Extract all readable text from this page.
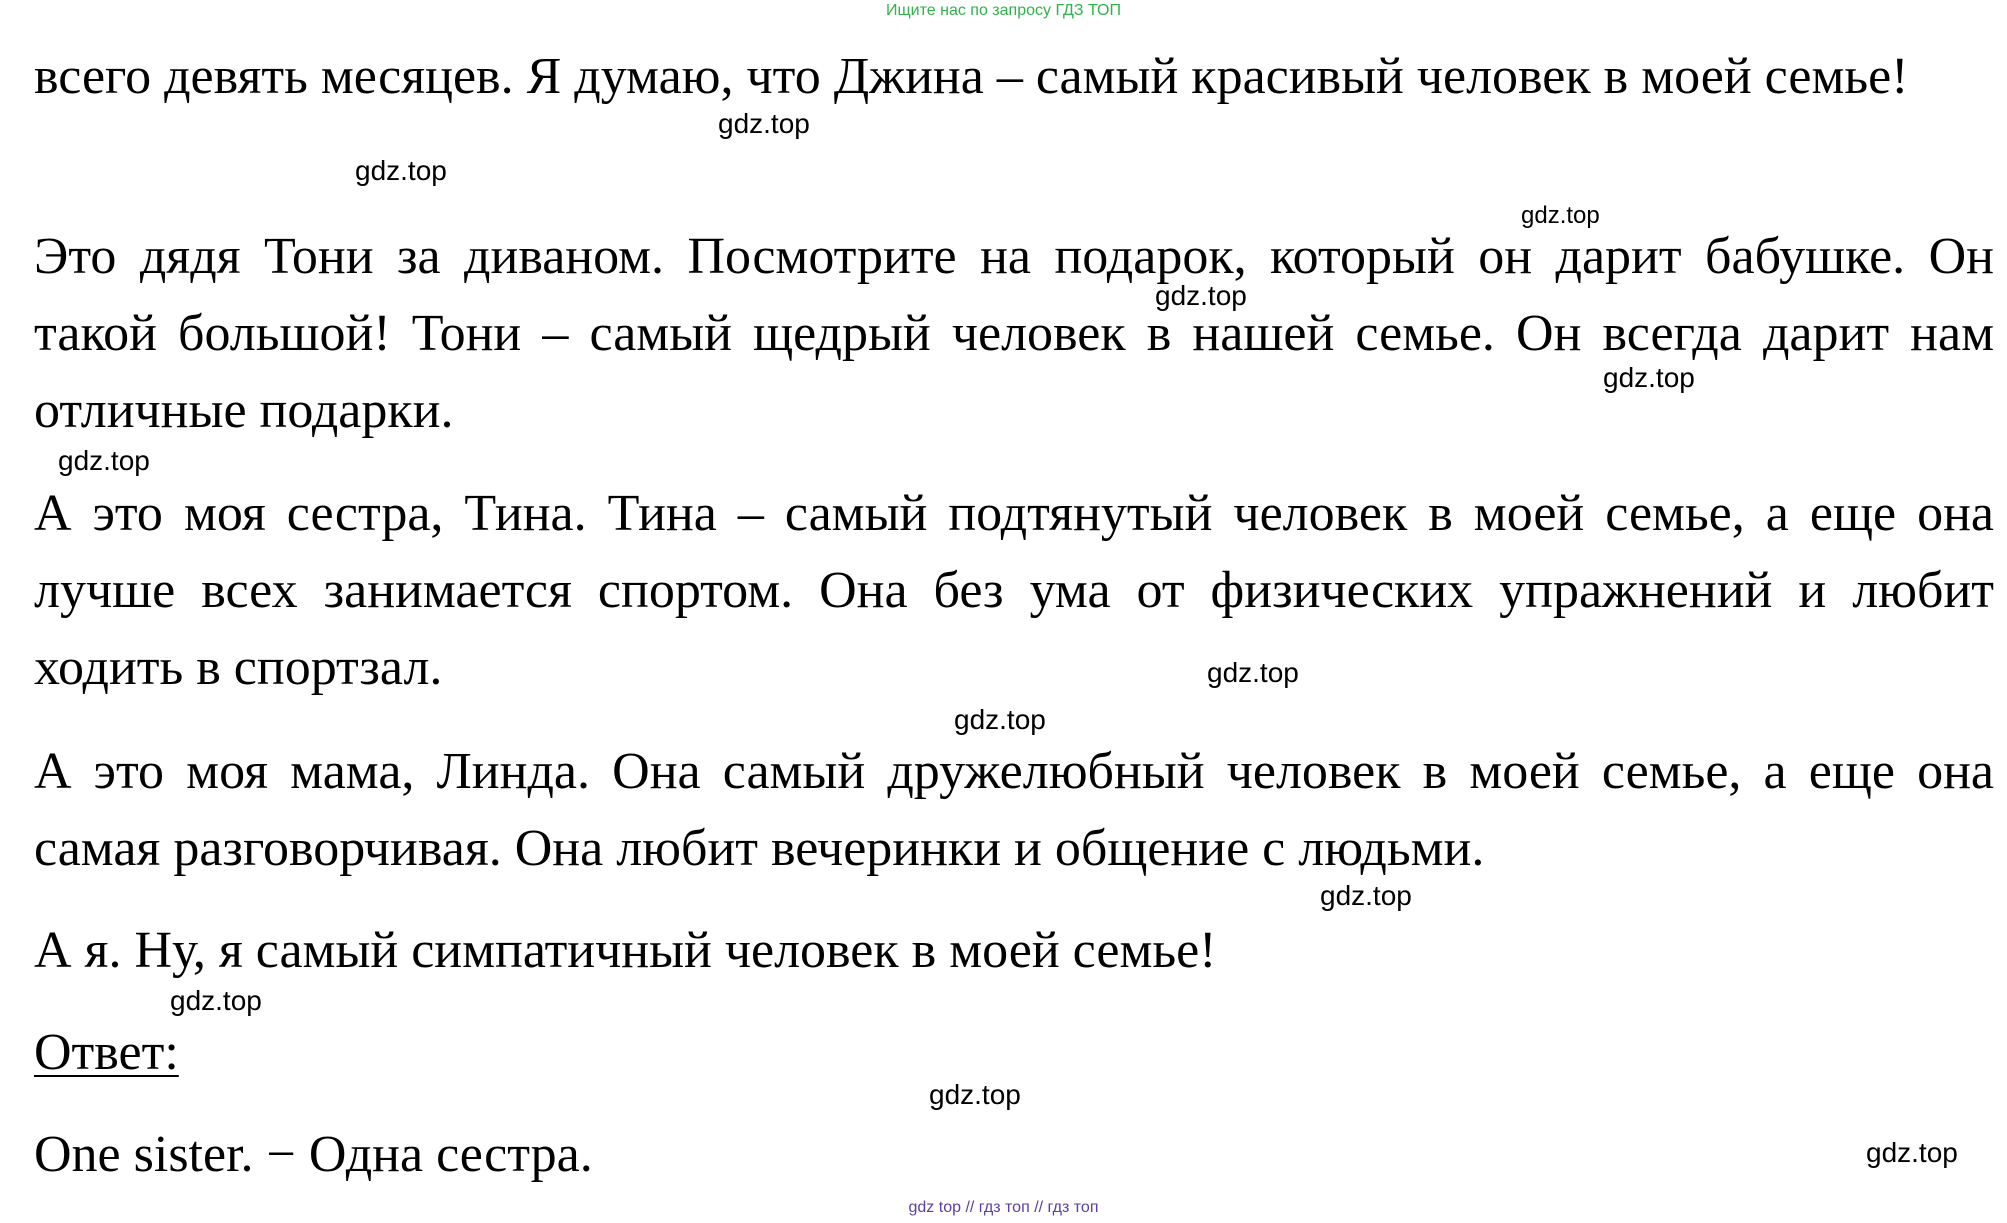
Ищите нас по запросу ГДЗ ТОП

всего девять месяцев. Я думаю, что Джина – самый красивый человек в моей семье!

Это дядя Тони за диваном. Посмотрите на подарок, который он дарит бабушке. Он такой большой! Тони – самый щедрый человек в нашей семье. Он всегда дарит нам отличные подарки.

А это моя сестра, Тина. Тина – самый подтянутый человек в моей семье, а еще она лучше всех занимается спортом. Она без ума от физических упражнений и любит ходить в спортзал.

А это моя мама, Линда. Она самый дружелюбный человек в моей семье, а еще она самая разговорчивая. Она любит вечеринки и общение с людьми.

А я. Ну, я самый симпатичный человек в моей семье!

Ответ:

One sister. − Одна сестра.

gdz.top
gdz.top
gdz.top
gdz.top
gdz.top
gdz.top
gdz.top
gdz.top
gdz.top
gdz.top
gdz.top
gdz.top
gdz top // гдз топ // гдз топ
